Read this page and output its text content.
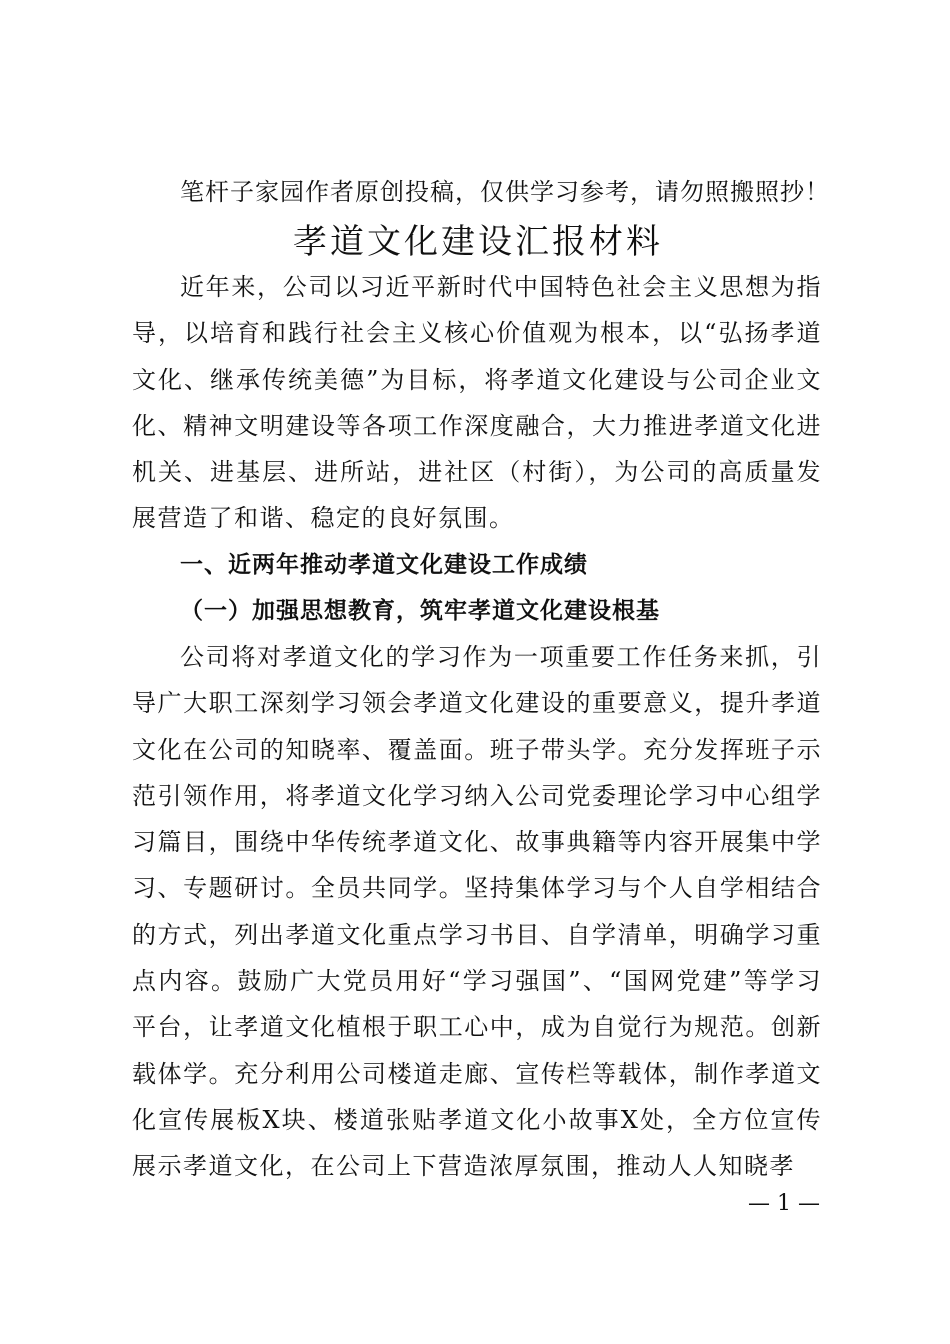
笔杆子家园作者原创投稿，仅供学习参考，请勿照搬照抄！
孝道文化建设汇报材料

近年来，公司以习近平新时代中国特色社会主义思想为指导，以培育和践行社会主义核心价值观为根本，以“弘扬孝道文化、继承传统美德”为目标，将孝道文化建设与公司企业文化、精神文明建设等各项工作深度融合，大力推进孝道文化进机关、进基层、进所站，进社区（村街），为公司的高质量发展营造了和谐、稳定的良好氛围。

一、近两年推动孝道文化建设工作成绩
（一）加强思想教育，筑牢孝道文化建设根基

公司将对孝道文化的学习作为一项重要工作任务来抓，引导广大职工深刻学习领会孝道文化建设的重要意义，提升孝道文化在公司的知晓率、覆盖面。班子带头学。充分发挥班子示范引领作用，将孝道文化学习纳入公司党委理论学习中心组学习篇目，围绕中华传统孝道文化、故事典籍等内容开展集中学习、专题研讨。全员共同学。坚持集体学习与个人自学相结合的方式，列出孝道文化重点学习书目、自学清单，明确学习重点内容。鼓励广大党员用好“学习强国”、“国网党建”等学习平台，让孝道文化植根于职工心中，成为自觉行为规范。创新载体学。充分利用公司楼道走廊、宣传栏等载体，制作孝道文化宣传展板X块、楼道张贴孝道文化小故事X处，全方位宣传展示孝道文化，在公司上下营造浓厚氛围，推动人人知晓孝

— 1 —
